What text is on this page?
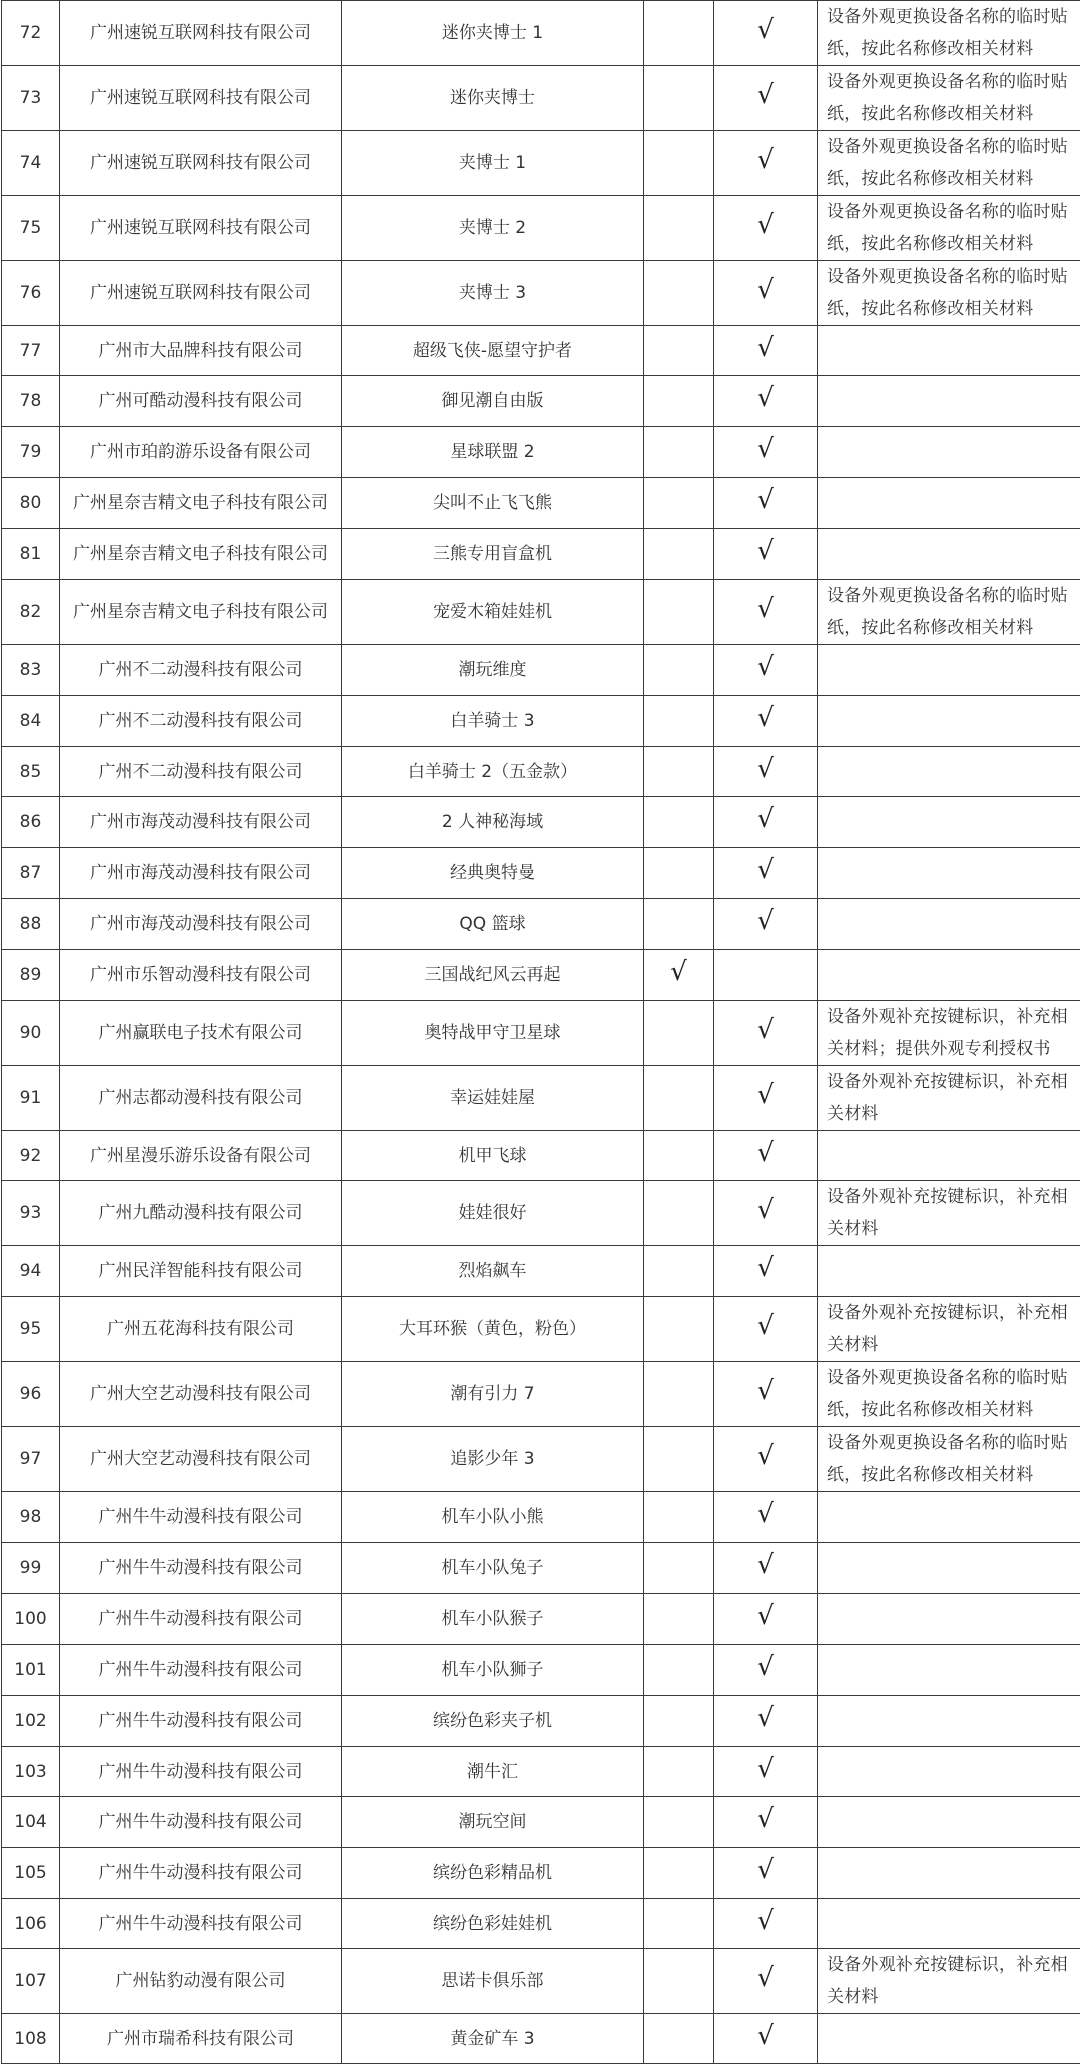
72	广州速锐互联网科技有限公司	迷你夹博士 1		√	设备外观更换设备名称的临时贴纸，按此名称修改相关材料
73	广州速锐互联网科技有限公司	迷你夹博士		√	设备外观更换设备名称的临时贴纸，按此名称修改相关材料
74	广州速锐互联网科技有限公司	夹博士 1		√	设备外观更换设备名称的临时贴纸，按此名称修改相关材料
75	广州速锐互联网科技有限公司	夹博士 2		√	设备外观更换设备名称的临时贴纸，按此名称修改相关材料
76	广州速锐互联网科技有限公司	夹博士 3		√	设备外观更换设备名称的临时贴纸，按此名称修改相关材料
77	广州市大品牌科技有限公司	超级飞侠-愿望守护者		√	
78	广州可酷动漫科技有限公司	御见潮自由版		√	
79	广州市珀韵游乐设备有限公司	星球联盟 2		√	
80	广州星奈吉精文电子科技有限公司	尖叫不止飞飞熊		√	
81	广州星奈吉精文电子科技有限公司	三熊专用盲盒机		√	
82	广州星奈吉精文电子科技有限公司	宠爱木箱娃娃机		√	设备外观更换设备名称的临时贴纸，按此名称修改相关材料
83	广州不二动漫科技有限公司	潮玩维度		√	
84	广州不二动漫科技有限公司	白羊骑士 3		√	
85	广州不二动漫科技有限公司	白羊骑士 2（五金款）		√	
86	广州市海茂动漫科技有限公司	2 人神秘海域		√	
87	广州市海茂动漫科技有限公司	经典奥特曼		√	
88	广州市海茂动漫科技有限公司	QQ 篮球		√	
89	广州市乐智动漫科技有限公司	三国战纪风云再起	√		
90	广州赢联电子技术有限公司	奥特战甲守卫星球		√	设备外观补充按键标识，补充相关材料；提供外观专利授权书
91	广州志都动漫科技有限公司	幸运娃娃屋		√	设备外观补充按键标识，补充相关材料
92	广州星漫乐游乐设备有限公司	机甲飞球		√	
93	广州九酷动漫科技有限公司	娃娃很好		√	设备外观补充按键标识，补充相关材料
94	广州民洋智能科技有限公司	烈焰飙车		√	
95	广州五花海科技有限公司	大耳环猴（黄色，粉色）		√	设备外观补充按键标识，补充相关材料
96	广州大空艺动漫科技有限公司	潮有引力 7		√	设备外观更换设备名称的临时贴纸，按此名称修改相关材料
97	广州大空艺动漫科技有限公司	追影少年 3		√	设备外观更换设备名称的临时贴纸，按此名称修改相关材料
98	广州牛牛动漫科技有限公司	机车小队小熊		√	
99	广州牛牛动漫科技有限公司	机车小队兔子		√	
100	广州牛牛动漫科技有限公司	机车小队猴子		√	
101	广州牛牛动漫科技有限公司	机车小队狮子		√	
102	广州牛牛动漫科技有限公司	缤纷色彩夹子机		√	
103	广州牛牛动漫科技有限公司	潮牛汇		√	
104	广州牛牛动漫科技有限公司	潮玩空间		√	
105	广州牛牛动漫科技有限公司	缤纷色彩精品机		√	
106	广州牛牛动漫科技有限公司	缤纷色彩娃娃机		√	
107	广州钻豹动漫有限公司	思诺卡俱乐部		√	设备外观补充按键标识，补充相关材料
108	广州市瑞希科技有限公司	黄金矿车 3		√	
